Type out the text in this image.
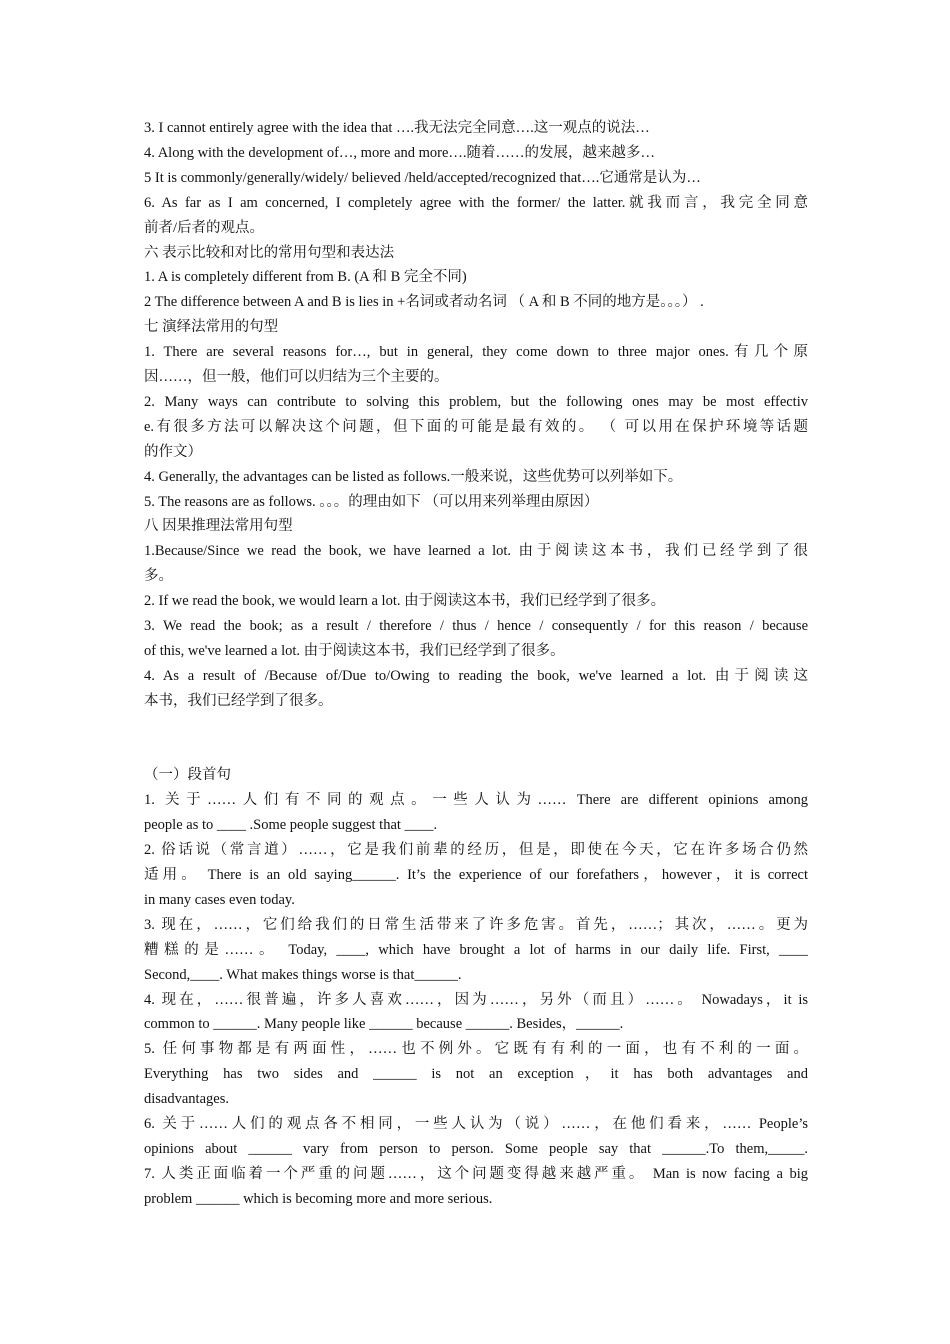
3. I cannot entirely agree with the idea that ….我无法完全同意….这一观点的说法…
4. Along with the development of…, more and more….随着……的发展，越来越多…
5 It is commonly/generally/widely/ believed /held/accepted/recognized that….它通常是认为…
6. As far as I am concerned, I completely agree with the former/ the latter.就我而言，我完全同意
前者/后者的观点。
六 表示比较和对比的常用句型和表达法
1. A is completely different from B. (A 和 B 完全不同)
2 The difference between A and B is lies in +名词或者动名词 （ A 和 B 不同的地方是。。。） .
七 演绎法常用的句型
1. There are several reasons for…, but in general, they come down to three major ones.有几个原
因……，但一般，他们可以归结为三个主要的。
2. Many ways can contribute to solving this problem, but the following ones may be most effectiv
e.有很多方法可以解决这个问题，但下面的可能是最有效的。 （ 可以用在保护环境等话题
的作文）
4. Generally, the advantages can be listed as follows.一般来说，这些优势可以列举如下。
5. The reasons are as follows. 。。。的理由如下 （可以用来列举理由原因）
八 因果推理法常用句型
1.Because/Since we read the book, we have learned a lot. 由于阅读这本书，我们已经学到了很
多。
2. If we read the book, we would learn a lot. 由于阅读这本书，我们已经学到了很多。
3. We read the book; as a result / therefore / thus / hence / consequently / for this reason / because
of this, we've learned a lot. 由于阅读这本书，我们已经学到了很多。
4. As a result of /Because of/Due to/Owing to reading the book, we've learned a lot. 由于阅读这
本书，我们已经学到了很多。
（一）段首句
1. 关于……人们有不同的观点。一些人认为…… There are different opinions among
people as to ____ .Some people suggest that ____.
2. 俗话说（常言道）……，它是我们前辈的经历，但是，即使在今天，它在许多场合仍然
适用。 There is an old saying______. It’s the experience of our forefathers，however，it is correct
in many cases even today.
3. 现在，……，它们给我们的日常生活带来了许多危害。首先，……；其次，……。更为
糟糕的是……。 Today, ____, which have brought a lot of harms in our daily life. First, ____
Second,____. What makes things worse is that______.
4. 现在，……很普遍，许多人喜欢……，因为……，另外（而且）……。 Nowadays，it is
common to ______. Many people like ______ because ______. Besides，______.
5. 任何事物都是有两面性，……也不例外。它既有有利的一面，也有不利的一面。
Everything has two sides and ______ is not an exception，it has both advantages and
disadvantages.
6. 关于……人们的观点各不相同，一些人认为（说）……，在他们看来，…… People’s
opinions about ______ vary from person to person. Some people say that ______.To them,_____.
7. 人类正面临着一个严重的问题……，这个问题变得越来越严重。 Man is now facing a big
problem ______ which is becoming more and more serious.
